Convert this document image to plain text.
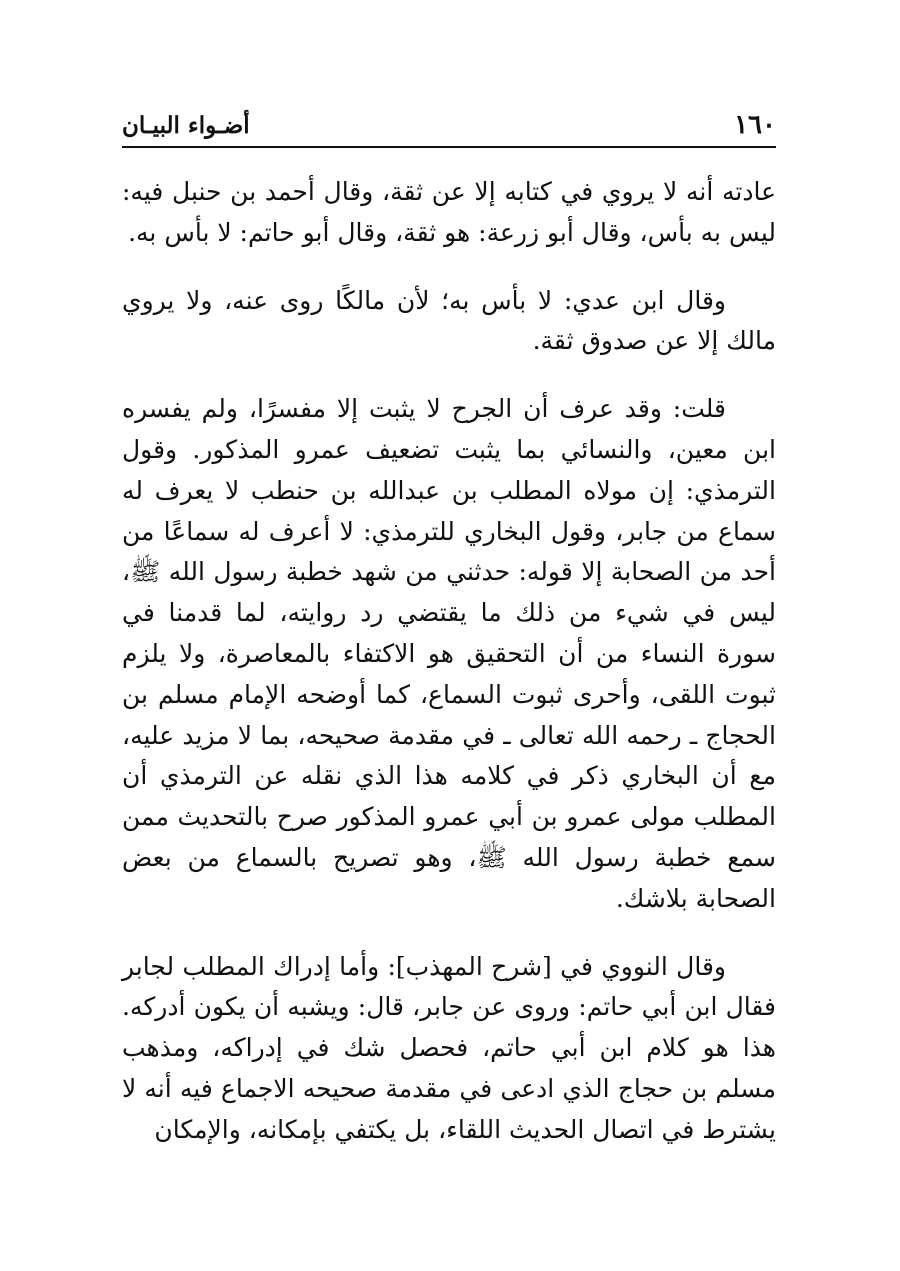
١٦٠
أضـواء البيـان

عادته أنه لا يروي في كتابه إلا عن ثقة، وقال أحمد بن حنبل فيه: ليس به بأس، وقال أبو زرعة: هو ثقة، وقال أبو حاتم: لا بأس به.

وقال ابن عدي: لا بأس به؛ لأن مالكًا روى عنه، ولا يروي مالك إلا عن صدوق ثقة.

قلت: وقد عرف أن الجرح لا يثبت إلا مفسرًا، ولم يفسره ابن معين، والنسائي بما يثبت تضعيف عمرو المذكور. وقول الترمذي: إن مولاه المطلب بن عبدالله بن حنطب لا يعرف له سماع من جابر، وقول البخاري للترمذي: لا أعرف له سماعًا من أحد من الصحابة إلا قوله: حدثني من شهد خطبة رسول الله ﷺ، ليس في شيء من ذلك ما يقتضي رد روايته، لما قدمنا في سورة النساء من أن التحقيق هو الاكتفاء بالمعاصرة، ولا يلزم ثبوت اللقى، وأحرى ثبوت السماع، كما أوضحه الإمام مسلم بن الحجاج ـ رحمه الله تعالى ـ في مقدمة صحيحه، بما لا مزيد عليه، مع أن البخاري ذكر في كلامه هذا الذي نقله عن الترمذي أن المطلب مولى عمرو بن أبي عمرو المذكور صرح بالتحديث ممن سمع خطبة رسول الله ﷺ، وهو تصريح بالسماع من بعض الصحابة بلاشك.

وقال النووي في [شرح المهذب]: وأما إدراك المطلب لجابر فقال ابن أبي حاتم: وروى عن جابر، قال: ويشبه أن يكون أدركه. هذا هو كلام ابن أبي حاتم، فحصل شك في إدراكه، ومذهب مسلم بن حجاج الذي ادعى في مقدمة صحيحه الاجماع فيه أنه لا يشترط في اتصال الحديث اللقاء، بل يكتفي بإمكانه، والإمكان
